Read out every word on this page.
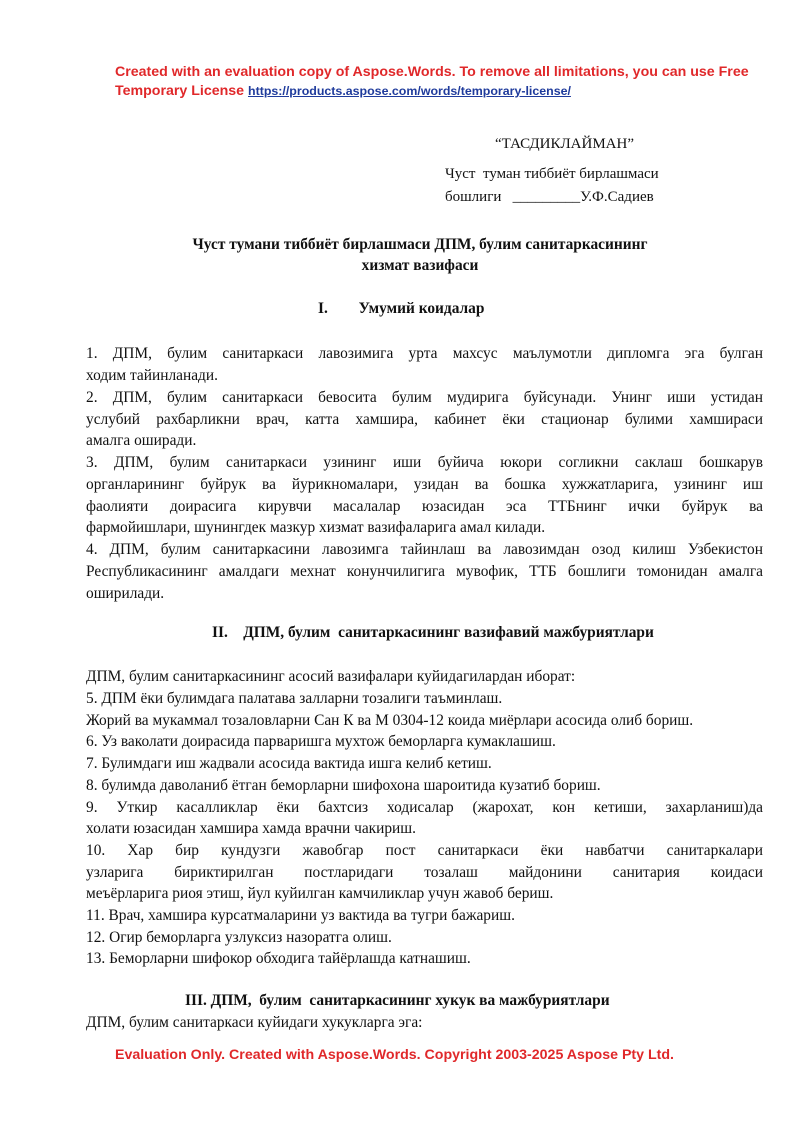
Created with an evaluation copy of Aspose.Words. To remove all limitations, you can use Free Temporary License https://products.aspose.com/words/temporary-license/
“ТАСДИКЛАЙМАН”
Чуст  туман тиббиёт бирлашмаси
бошлиги   _________У.Ф.Садиев
Чуст тумани тиббиёт бирлашмаси ДПМ, булим санитаркасининг
хизмат вазифаси
I.        Умумий коидалар
1. ДПМ, булим санитаркаси лавозимига урта махсус маълумотли дипломга эга булган
ходим тайинланади.
2. ДПМ, булим санитаркаси бевосита булим мудирига буйсунади. Унинг иши устидан
услубий рахбарликни врач, катта хамшира, кабинет ёки стационар булими хамшираси
амалга оширади.
3. ДПМ, булим санитаркаси узининг иши буйича юкори согликни саклаш бошкарув
органларининг буйрук ва йурикномалари, узидан ва бошка хужжатларига, узининг иш
фаолияти доирасига кирувчи масалалар юзасидан эса ТТБнинг ички буйрук ва
фармойишлари, шунингдек мазкур хизмат вазифаларига амал килади.
4. ДПМ, булим санитаркасини лавозимга тайинлаш ва лавозимдан озод килиш Узбекистон
Республикасининг амалдаги мехнат конунчилигига мувофик, ТТБ бошлиги томонидан амалга
оширилади.
II.    ДПМ, булим  санитаркасининг вазифавий мажбуриятлари
ДПМ, булим санитаркасининг асосий вазифалари куйидагилардан иборат:
5. ДПМ ёки булимдага палатава залларни тозалиги таъминлаш.
Жорий ва мукаммал тозаловларни Сан К ва М 0304-12 коида миёрлари асосида олиб бориш.
6. Уз ваколати доирасида парваришга мухтож беморларга кумаклашиш.
7. Булимдаги иш жадвали асосида вактида ишга келиб кетиш.
8. булимда даволаниб ётган беморларни шифохона шароитида кузатиб бориш.
9. Уткир касалликлар ёки бахтсиз ходисалар (жарохат, кон кетиши, захарланиш)да
холати юзасидан хамшира хамда врачни чакириш.
10. Хар бир кундузги жавобгар пост санитаркаси ёки навбатчи санитаркалари
узларига бириктирилган постларидаги тозалаш майдонини санитария коидаси
меъёрларига риоя этиш, йул куйилган камчиликлар учун жавоб бериш.
11. Врач, хамшира курсатмаларини уз вактида ва тугри бажариш.
12. Огир беморларга узлуксиз назоратга олиш.
13. Беморларни шифокор обходига тайёрлашда катнашиш.
III. ДПМ,  булим  санитаркасининг хукук ва мажбуриятлари
ДПМ, булим санитаркаси куйидаги хукукларга эга:
Evaluation Only. Created with Aspose.Words. Copyright 2003-2025 Aspose Pty Ltd.
